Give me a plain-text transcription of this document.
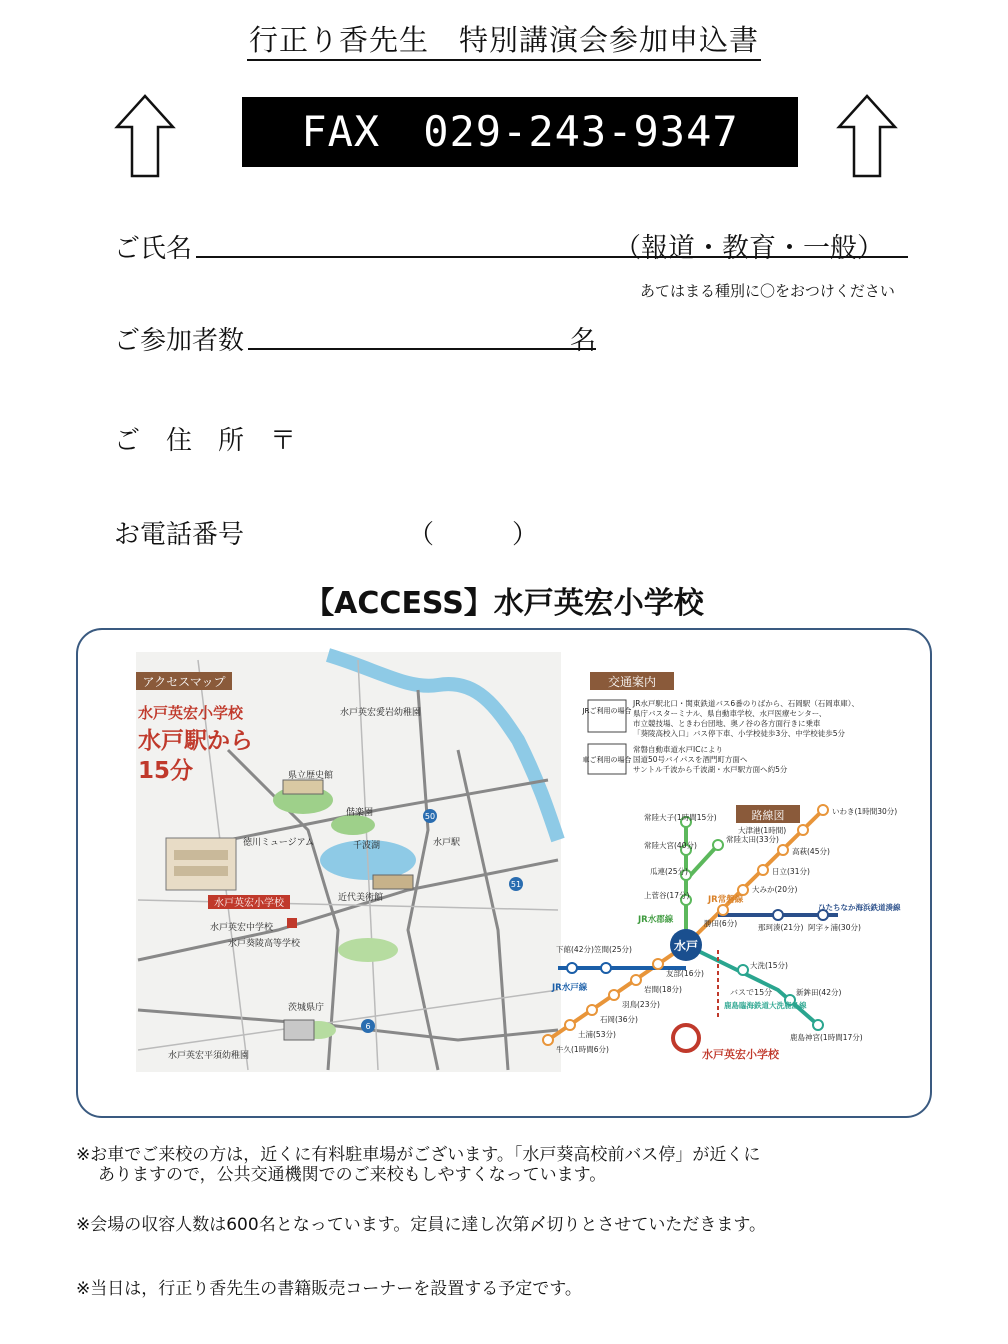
行正り香先生　特別講演会参加申込書
FAX　029-243-9347
ご氏名	（報道・教育・一般）
あてはまる種別に〇をおつけください
ご参加者数	名
ご　住　所　〒
お電話番号	（　　　）
【ACCESS】水戸英宏小学校
アクセスマップ
水戸英宏小学校
水戸駅から
15分
水戸英宏愛岩幼稚園
県立歴史館
偕楽園
徳川ミュージアム	千波湖	水戸駅
近代美術館
水戸英宏中学校
水戸葵陵高等学校
茨城県庁
水戸英宏平須幼稚園
水戸英宏小学校
50
51
6
交通案内
JRご利用の場合
JR水戸駅北口・関東鉄道バス6番のりばから、石岡駅（石岡車庫）、
県庁バスターミナル、県自動車学校、水戸医療センター、
市立競技場、ときわ台団地、奥ノ谷の各方面行きに乗車
「葵陵高校入口」バス停下車、小学校徒歩3分、中学校徒歩5分
車ご利用の場合
常磐自動車道水戸ICにより
国道50号バイパスを酒門町方面へ
サントル千波から千波湖・水戸駅方面へ約5分
路線図
水戸
常陸大子(1時間15分)
常陸大宮(40分)
常陸太田(33分)
瓜連(25分)
上菅谷(17分)
いわき(1時間30分)
大津港(1時間)
高萩(45分)
日立(31分)
大みか(20分)
勝田(6分)	那珂湊(21分) 阿字ヶ浦(30分)
大洗(15分)
新鉾田(42分)
鹿島神宮(1時間17分)
下館(42分) 笠間(25分)
友部(16分)
岩間(18分)
羽鳥(23分)
石岡(36分)
土浦(53分)
牛久(1時間6分)
JR水郡線
JR常磐線
JR水戸線
ひたちなか海浜鉄道湊線
鹿島臨海鉄道大洗鹿島線
バスで15分
水戸英宏小学校
※お車でご来校の方は，近くに有料駐車場がございます。「水戸葵高校前バス停」が近くに
ありますので，公共交通機関でのご来校もしやすくなっています。
※会場の収容人数は600名となっています。定員に達し次第〆切りとさせていただきます。
※当日は，行正り香先生の書籍販売コーナーを設置する予定です。
